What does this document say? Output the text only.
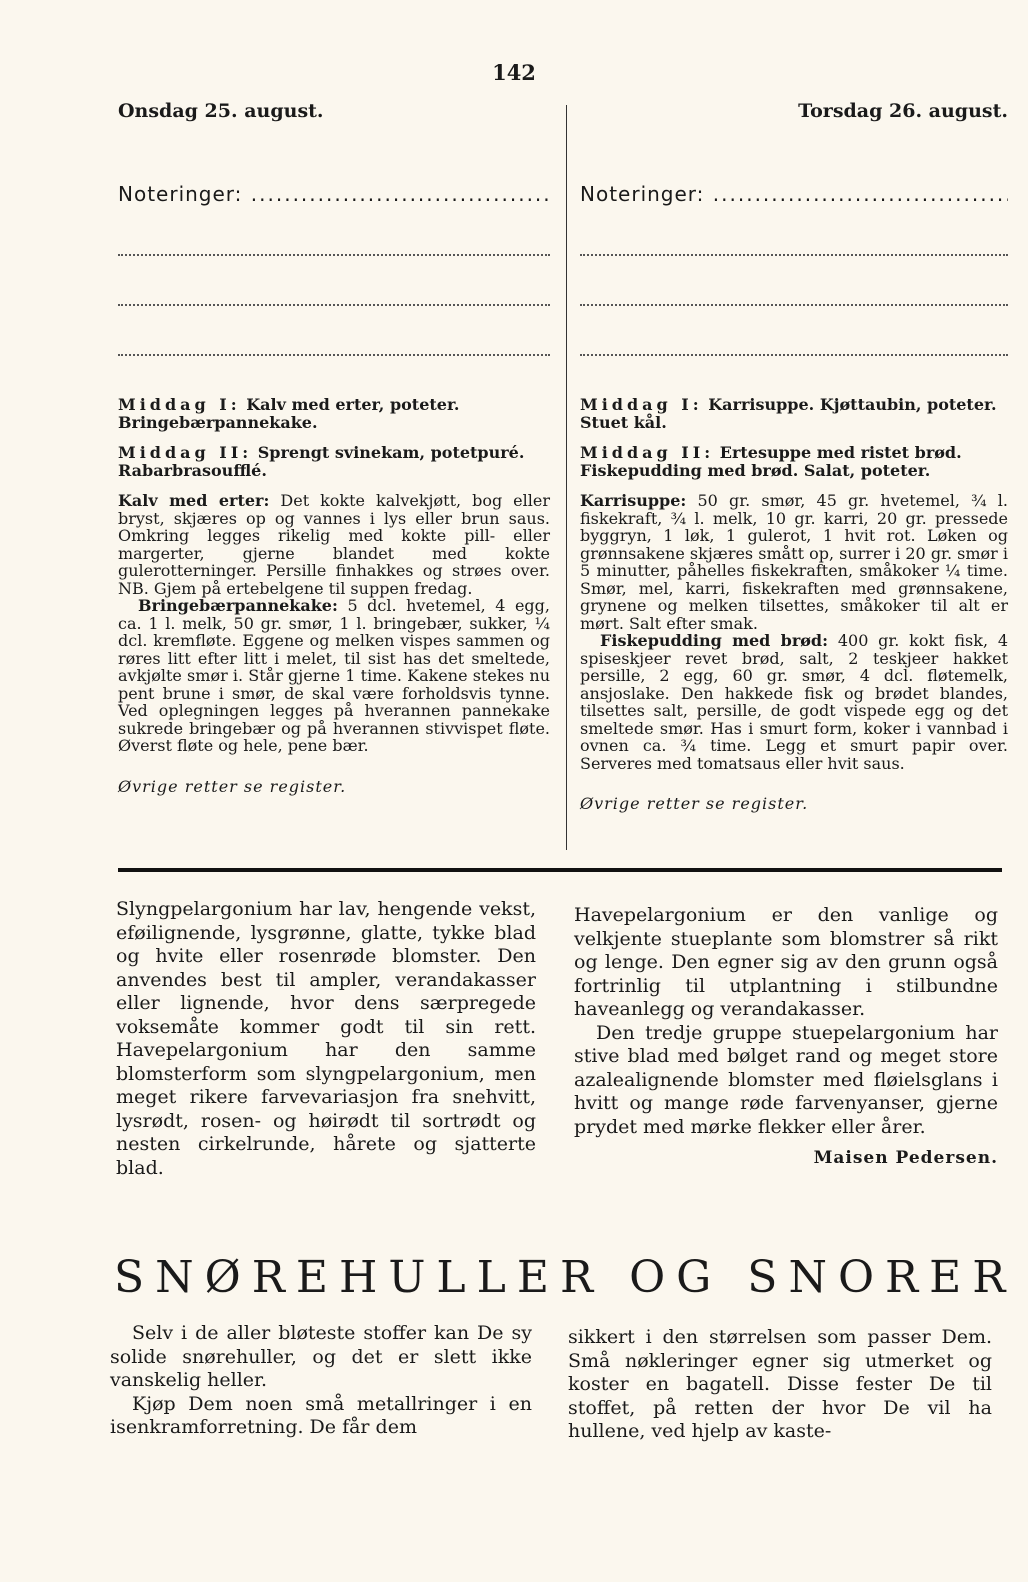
142
Onsdag 25. august.
Noteringer: .....

Middag I: Kalv med erter, poteter. Bringebærpannekake.

Middag II: Sprengt svinekam, potetpuré. Rabarbrasoufflé.

Kalv med erter: Det kokte kalvekjøtt, bog eller bryst, skjæres op og vannes i lys eller brun saus. Omkring legges rikelig med kokte pill- eller margerter, gjerne blandet med kokte gulerotterninger. Persille finhakkes og strøes over. NB. Gjem på ertebelgene til suppen fredag.

Bringebærpannekake: 5 dcl. hvetemel, 4 egg, ca. 1 l. melk, 50 gr. smør, 1 l. bringebær, sukker, ¼ dcl. kremfløte. Eggene og melken vispes sammen og røres litt efter litt i melet, til sist has det smeltede, avkjølte smør i. Står gjerne 1 time. Kakene stekes nu pent brune i smør, de skal være forholdsvis tynne. Ved oplegningen legges på hverannen pannekake sukrede bringebær og på hverannen stivvispet fløte. Øverst fløte og hele, pene bær.

Øvrige retter se register.
Torsdag 26. august.
Noteringer: .....

Middag I: Karrisuppe. Kjøttaubin, poteter. Stuet kål.

Middag II: Ertesuppe med ristet brød. Fiskepudding med brød. Salat, poteter.

Karrisuppe: 50 gr. smør, 45 gr. hvetemel, ¾ l. fiskekraft, ¾ l. melk, 10 gr. karri, 20 gr. pressede byggryn, 1 løk, 1 gulerot, 1 hvit rot. Løken og grønnsakene skjæres smått op, surrer i 20 gr. smør i 5 minutter, påhelles fiskekraften, småkoker ¼ time. Smør, mel, karri, fiskekraften med grønnsakene, grynene og melken tilsettes, småkoker til alt er mørt. Salt efter smak.

Fiskepudding med brød: 400 gr. kokt fisk, 4 spiseskjeer revet brød, salt, 2 teskjeer hakket persille, 2 egg, 60 gr. smør, 4 dcl. fløtemelk, ansjoslake. Den hakkede fisk og brødet blandes, tilsettes salt, persille, de godt vispede egg og det smeltede smør. Has i smurt form, koker i vannbad i ovnen ca. ¾ time. Legg et smurt papir over. Serveres med tomatsaus eller hvit saus.

Øvrige retter se register.

Slyngpelargonium har lav, hengende vekst, eføilignende, lysgrønne, glatte, tykke blad og hvite eller rosenrøde blomster. Den anvendes best til ampler, verandakasser eller lignende, hvor dens særpregede voksemåte kommer godt til sin rett. Havepelargonium har den samme blomsterform som slyngpelargonium, men meget rikere farvevariasjon fra snehvitt, lysrødt, rosen- og høirødt til sortrødt og nesten cirkelrunde, hårete og sjatterte blad.

Havepelargonium er den vanlige og velkjente stueplante som blomstrer så rikt og lenge. Den egner sig av den grunn også fortrinlig til utplantning i stilbundne haveanlegg og verandakasser.

Den tredje gruppe stuepelargonium har stive blad med bølget rand og meget store azalealignende blomster med fløielsglans i hvitt og mange røde farvenyanser, gjerne prydet med mørke flekker eller årer.

Maisen Pedersen.
SNØREHULLER OG SNORER

Selv i de aller bløteste stoffer kan De sy solide snørehuller, og det er slett ikke vanskelig heller.

Kjøp Dem noen små metallringer i en isenkramforretning. De får dem

sikkert i den størrelsen som passer Dem. Små nøkleringer egner sig utmerket og koster en bagatell. Disse fester De til stoffet, på retten der hvor De vil ha hullene, ved hjelp av kaste-
